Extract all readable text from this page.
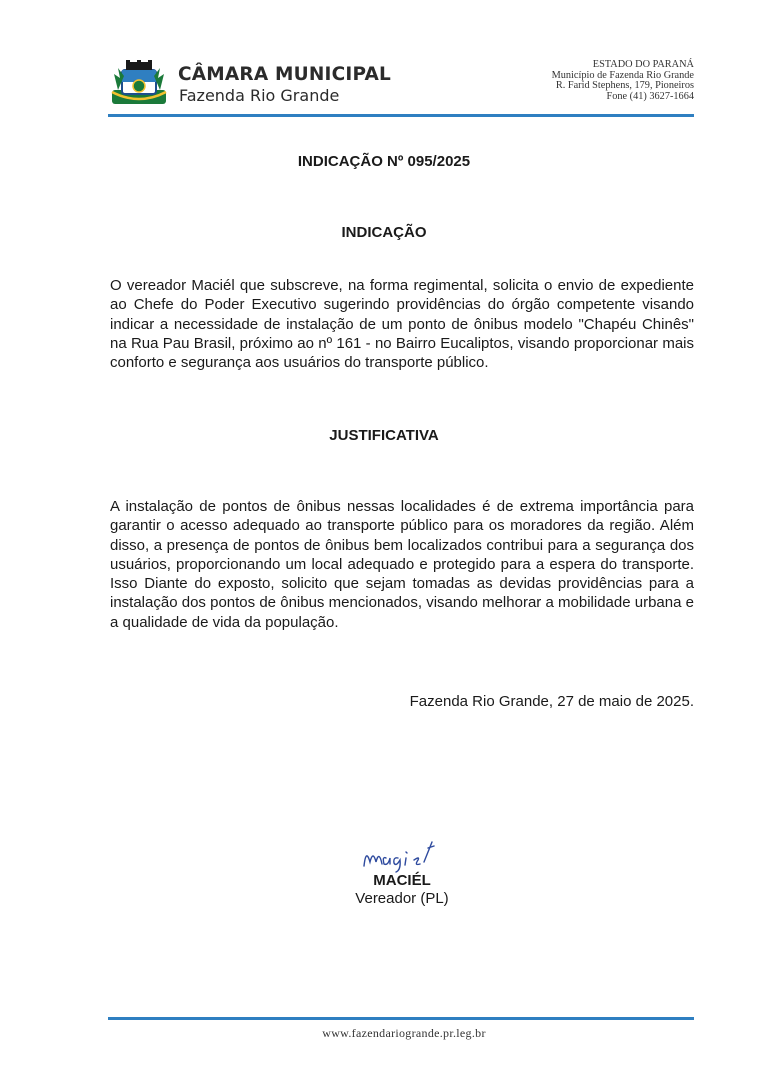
CÂMARA MUNICIPAL
Fazenda Rio Grande
ESTADO DO PARANÁ
Município de Fazenda Rio Grande
R. Farid Stephens, 179, Pioneiros
Fone (41) 3627-1664
INDICAÇÃO Nº 095/2025
INDICAÇÃO

O vereador Maciél que subscreve, na forma regimental, solicita o envio de expediente ao Chefe do Poder Executivo sugerindo providências do órgão competente visando indicar a necessidade de instalação de um ponto de ônibus modelo "Chapéu Chinês" na Rua Pau Brasil, próximo ao nº 161 - no Bairro Eucaliptos, visando proporcionar mais conforto e segurança aos usuários do transporte público.

JUSTIFICATIVA

A instalação de pontos de ônibus nessas localidades é de extrema importância para garantir o acesso adequado ao transporte público para os moradores da região. Além disso, a presença de pontos de ônibus bem localizados contribui para a segurança dos usuários, proporcionando um local adequado e protegido para a espera do transporte. Isso Diante do exposto, solicito que sejam tomadas as devidas providências para a instalação dos pontos de ônibus mencionados, visando melhorar a mobilidade urbana e a qualidade de vida da população.

Fazenda Rio Grande, 27 de maio de 2025.
MACIÉL
Vereador (PL)
www.fazendariogrande.pr.leg.br
